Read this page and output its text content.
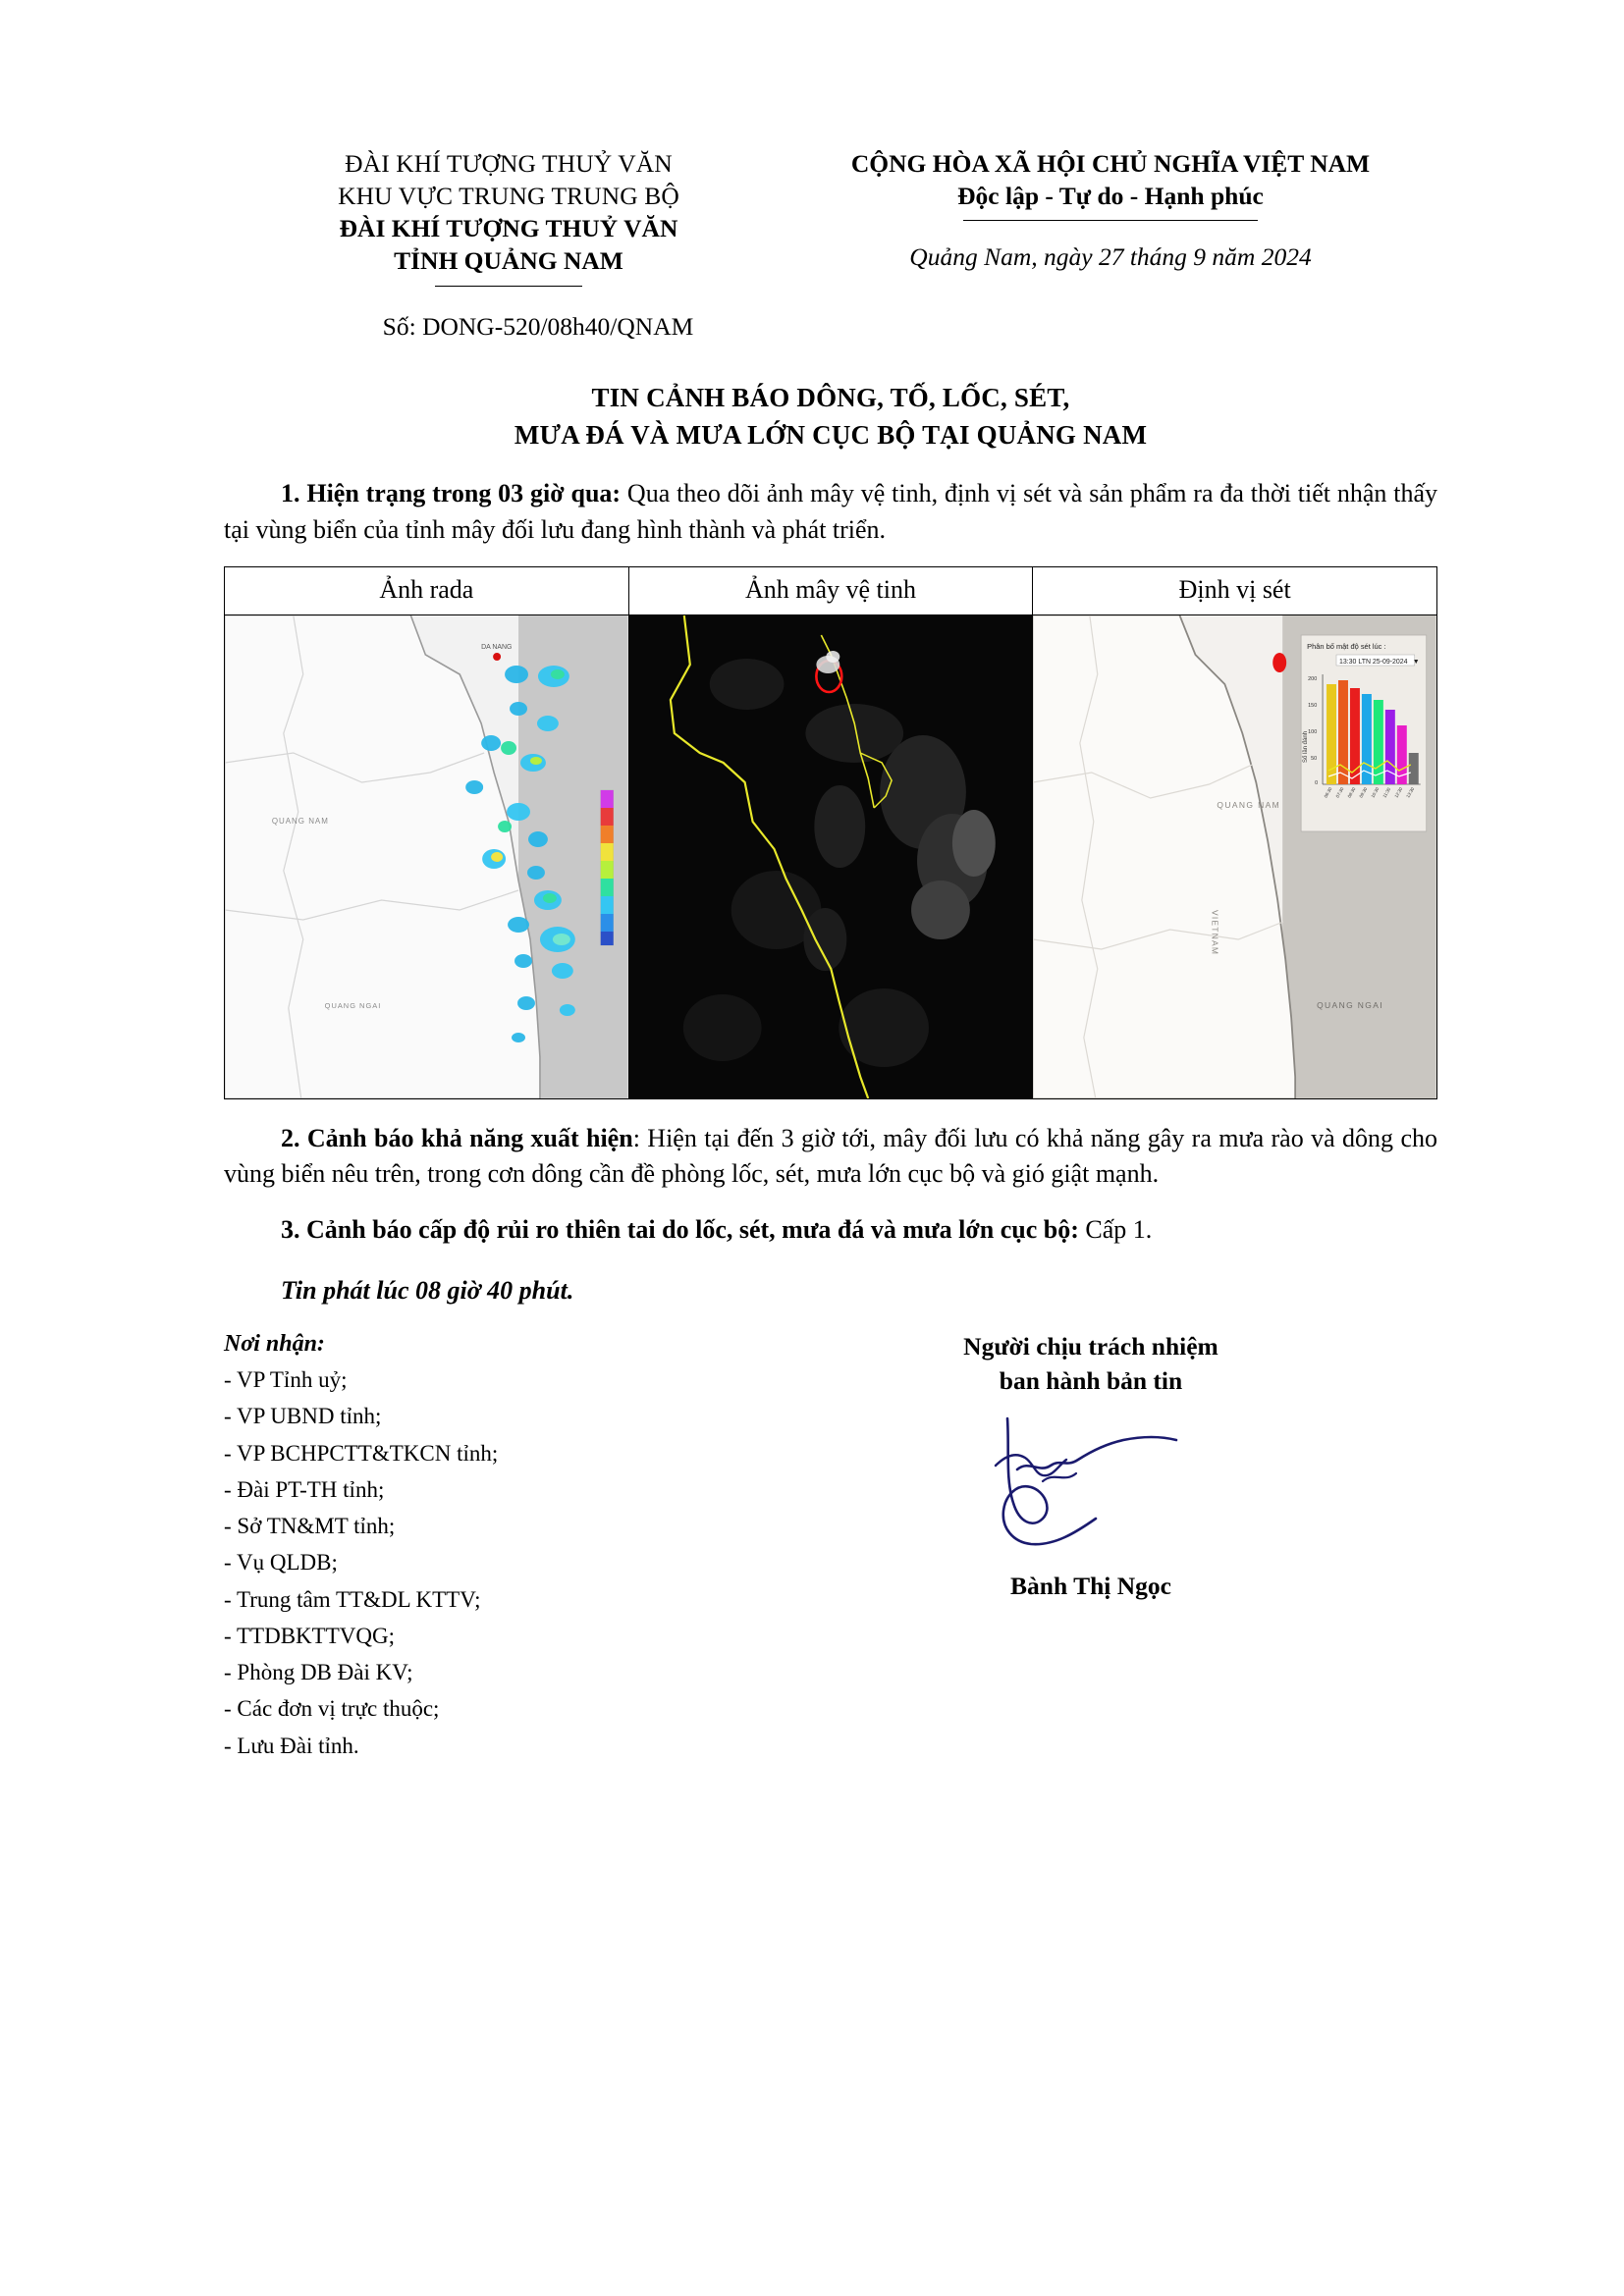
ĐÀI KHÍ TƯỢNG THUỶ VĂN
KHU VỰC TRUNG TRUNG BỘ
ĐÀI KHÍ TƯỢNG THUỶ VĂN
TỈNH QUẢNG NAM
Số: DONG-520/08h40/QNAM
CỘNG HÒA XÃ HỘI CHỦ NGHĨA VIỆT NAM
Độc lập - Tự do - Hạnh phúc
Quảng Nam, ngày 27 tháng 9 năm 2024
TIN CẢNH BÁO DÔNG, TỐ, LỐC, SÉT,
MƯA ĐÁ VÀ MƯA LỚN CỤC BỘ TẠI QUẢNG NAM

1. Hiện trạng trong 03 giờ qua: Qua theo dõi ảnh mây vệ tinh, định vị sét và sản phẩm ra đa thời tiết nhận thấy tại vùng biển của tỉnh mây đối lưu đang hình thành và phát triển.

Ảnh rada	Ảnh mây vệ tinh	Định vị sét

DA NANG
QUANG NAM
QUANG NGAI

QUANG NAM
VIETNAM
QUANG NGAI
Phân bố mật độ sét lúc :
13:30 LTN 25-09-2024 ▼
200
150
100
50
0
Số lần đánh
06:30 07:30 08:30 09:30 10:30 11:30 12:30 13:30

2. Cảnh báo khả năng xuất hiện: Hiện tại đến 3 giờ tới, mây đối lưu có khả năng gây ra mưa rào và dông cho vùng biển nêu trên, trong cơn dông cần đề phòng lốc, sét, mưa lớn cục bộ và gió giật mạnh.

3. Cảnh báo cấp độ rủi ro thiên tai do lốc, sét, mưa đá và mưa lớn cục bộ: Cấp 1.

Tin phát lúc 08 giờ 40 phút.
Nơi nhận:
- VP Tỉnh uỷ;
- VP UBND tỉnh;
- VP BCHPCTT&TKCN tỉnh;
- Đài PT-TH tỉnh;
- Sở TN&MT tỉnh;
- Vụ QLDB;
- Trung tâm TT&DL KTTV;
- TTDBKTTVQG;
- Phòng DB Đài KV;
- Các đơn vị trực thuộc;
- Lưu Đài tỉnh.
Người chịu trách nhiệm
ban hành bản tin
Bành Thị Ngọc
